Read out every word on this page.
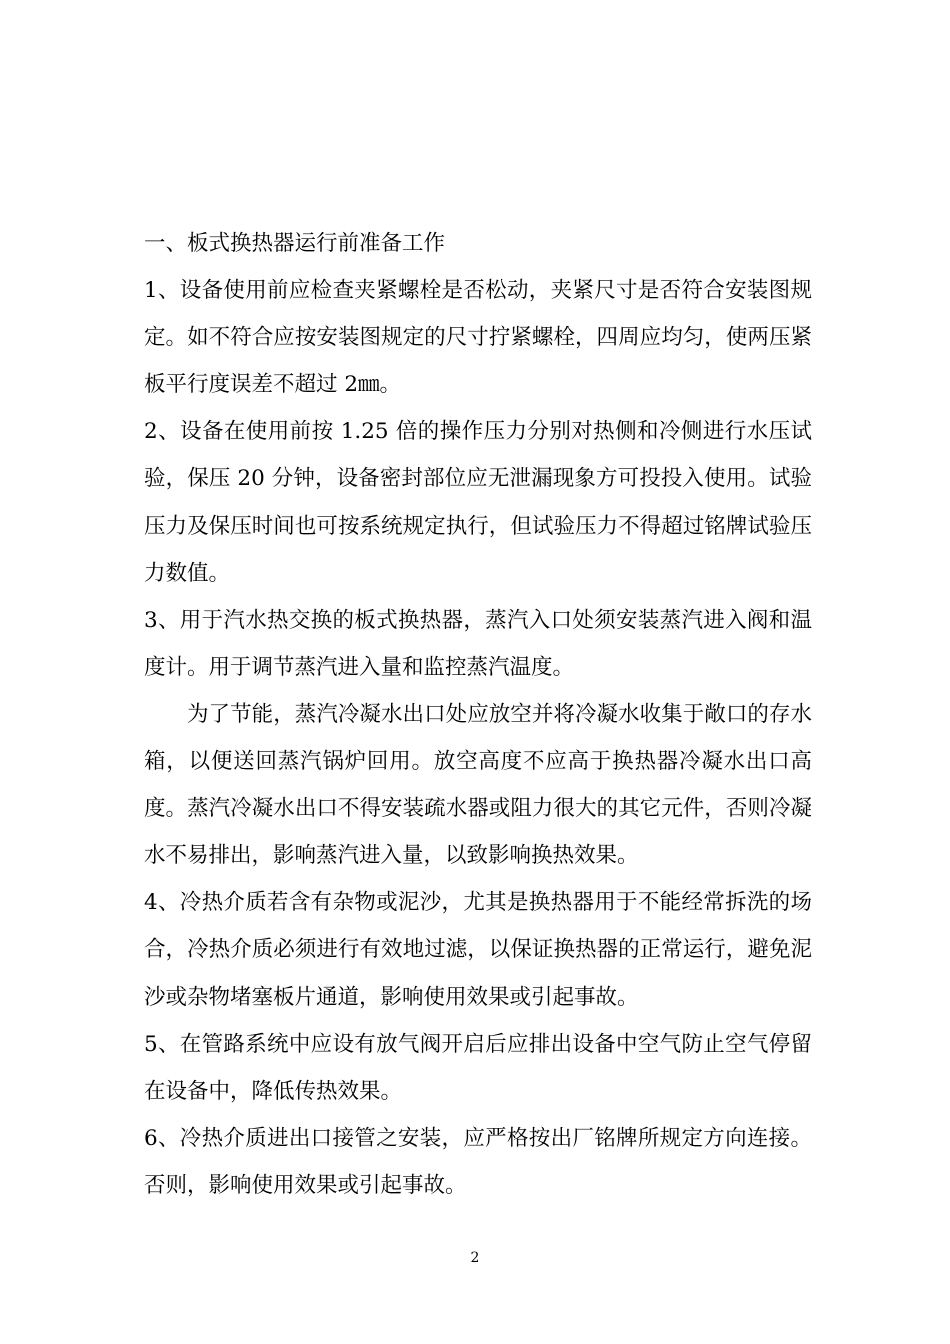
一、板式换热器运行前准备工作

1、设备使用前应检查夹紧螺栓是否松动，夹紧尺寸是否符合安装图规定。如不符合应按安装图规定的尺寸拧紧螺栓，四周应均匀，使两压紧板平行度误差不超过 2㎜。

2、设备在使用前按 1.25 倍的操作压力分别对热侧和冷侧进行水压试验，保压 20 分钟，设备密封部位应无泄漏现象方可投投入使用。试验压力及保压时间也可按系统规定执行，但试验压力不得超过铭牌试验压力数值。

3、用于汽水热交换的板式换热器，蒸汽入口处须安装蒸汽进入阀和温度计。用于调节蒸汽进入量和监控蒸汽温度。

为了节能，蒸汽冷凝水出口处应放空并将冷凝水收集于敞口的存水箱，以便送回蒸汽锅炉回用。放空高度不应高于换热器冷凝水出口高度。蒸汽冷凝水出口不得安装疏水器或阻力很大的其它元件，否则冷凝水不易排出，影响蒸汽进入量，以致影响换热效果。

4、冷热介质若含有杂物或泥沙，尤其是换热器用于不能经常拆洗的场合，冷热介质必须进行有效地过滤，以保证换热器的正常运行，避免泥沙或杂物堵塞板片通道，影响使用效果或引起事故。

5、在管路系统中应设有放气阀开启后应排出设备中空气防止空气停留在设备中，降低传热效果。

6、冷热介质进出口接管之安装，应严格按出厂铭牌所规定方向连接。否则，影响使用效果或引起事故。

2
